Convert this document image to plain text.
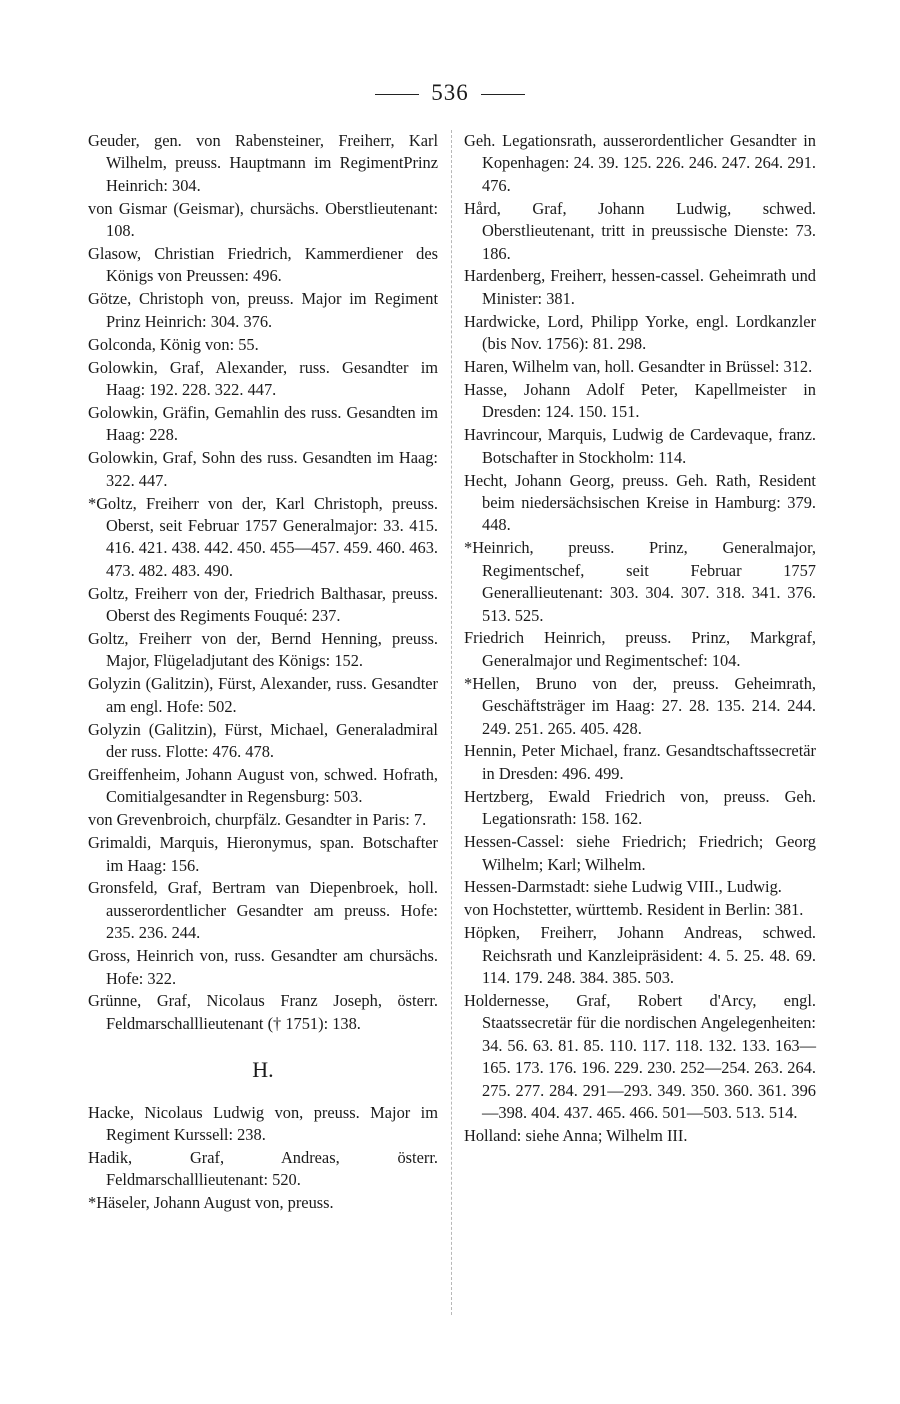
536

Geuder, gen. von Rabensteiner, Freiherr, Karl Wilhelm, preuss. Hauptmann im RegimentPrinz Heinrich: 304.

von Gismar (Geismar), chursächs. Oberstlieutenant: 108.

Glasow, Christian Friedrich, Kammerdiener des Königs von Preussen: 496.

Götze, Christoph von, preuss. Major im Regiment Prinz Heinrich: 304. 376.

Golconda, König von: 55.

Golowkin, Graf, Alexander, russ. Gesandter im Haag: 192. 228. 322. 447.

Golowkin, Gräfin, Gemahlin des russ. Gesandten im Haag: 228.

Golowkin, Graf, Sohn des russ. Gesandten im Haag: 322. 447.

*Goltz, Freiherr von der, Karl Christoph, preuss. Oberst, seit Februar 1757 Generalmajor: 33. 415. 416. 421. 438. 442. 450. 455—457. 459. 460. 463. 473. 482. 483. 490.

Goltz, Freiherr von der, Friedrich Balthasar, preuss. Oberst des Regiments Fouqué: 237.

Goltz, Freiherr von der, Bernd Henning, preuss. Major, Flügeladjutant des Königs: 152.

Golyzin (Galitzin), Fürst, Alexander, russ. Gesandter am engl. Hofe: 502.

Golyzin (Galitzin), Fürst, Michael, Generaladmiral der russ. Flotte: 476. 478.

Greiffenheim, Johann August von, schwed. Hofrath, Comitialgesandter in Regensburg: 503.

von Grevenbroich, churpfälz. Gesandter in Paris: 7.

Grimaldi, Marquis, Hieronymus, span. Botschafter im Haag: 156.

Gronsfeld, Graf, Bertram van Diepenbroek, holl. ausserordentlicher Gesandter am preuss. Hofe: 235. 236. 244.

Gross, Heinrich von, russ. Gesandter am chursächs. Hofe: 322.

Grünne, Graf, Nicolaus Franz Joseph, österr. Feldmarschalllieutenant († 1751): 138.

H.

Hacke, Nicolaus Ludwig von, preuss. Major im Regiment Kurssell: 238.

Hadik, Graf, Andreas, österr. Feldmarschalllieutenant: 520.

*Häseler, Johann August von, preuss.

Geh. Legationsrath, ausserordentlicher Gesandter in Kopenhagen: 24. 39. 125. 226. 246. 247. 264. 291. 476.

Hård, Graf, Johann Ludwig, schwed. Oberstlieutenant, tritt in preussische Dienste: 73. 186.

Hardenberg, Freiherr, hessen-cassel. Geheimrath und Minister: 381.

Hardwicke, Lord, Philipp Yorke, engl. Lordkanzler (bis Nov. 1756): 81. 298.

Haren, Wilhelm van, holl. Gesandter in Brüssel: 312.

Hasse, Johann Adolf Peter, Kapellmeister in Dresden: 124. 150. 151.

Havrincour, Marquis, Ludwig de Cardevaque, franz. Botschafter in Stockholm: 114.

Hecht, Johann Georg, preuss. Geh. Rath, Resident beim niedersächsischen Kreise in Hamburg: 379. 448.

*Heinrich, preuss. Prinz, Generalmajor, Regimentschef, seit Februar 1757 Generallieutenant: 303. 304. 307. 318. 341. 376. 513. 525.

Friedrich Heinrich, preuss. Prinz, Markgraf, Generalmajor und Regimentschef: 104.

*Hellen, Bruno von der, preuss. Geheimrath, Geschäftsträger im Haag: 27. 28. 135. 214. 244. 249. 251. 265. 405. 428.

Hennin, Peter Michael, franz. Gesandtschaftssecretär in Dresden: 496. 499.

Hertzberg, Ewald Friedrich von, preuss. Geh. Legationsrath: 158. 162.

Hessen-Cassel: siehe Friedrich; Friedrich; Georg Wilhelm; Karl; Wilhelm.

Hessen-Darmstadt: siehe Ludwig VIII., Ludwig.

von Hochstetter, württemb. Resident in Berlin: 381.

Höpken, Freiherr, Johann Andreas, schwed. Reichsrath und Kanzleipräsident: 4. 5. 25. 48. 69. 114. 179. 248. 384. 385. 503.

Holdernesse, Graf, Robert d'Arcy, engl. Staatssecretär für die nordischen Angelegenheiten: 34. 56. 63. 81. 85. 110. 117. 118. 132. 133. 163—165. 173. 176. 196. 229. 230. 252—254. 263. 264. 275. 277. 284. 291—293. 349. 350. 360. 361. 396—398. 404. 437. 465. 466. 501—503. 513. 514.

Holland: siehe Anna; Wilhelm III.
